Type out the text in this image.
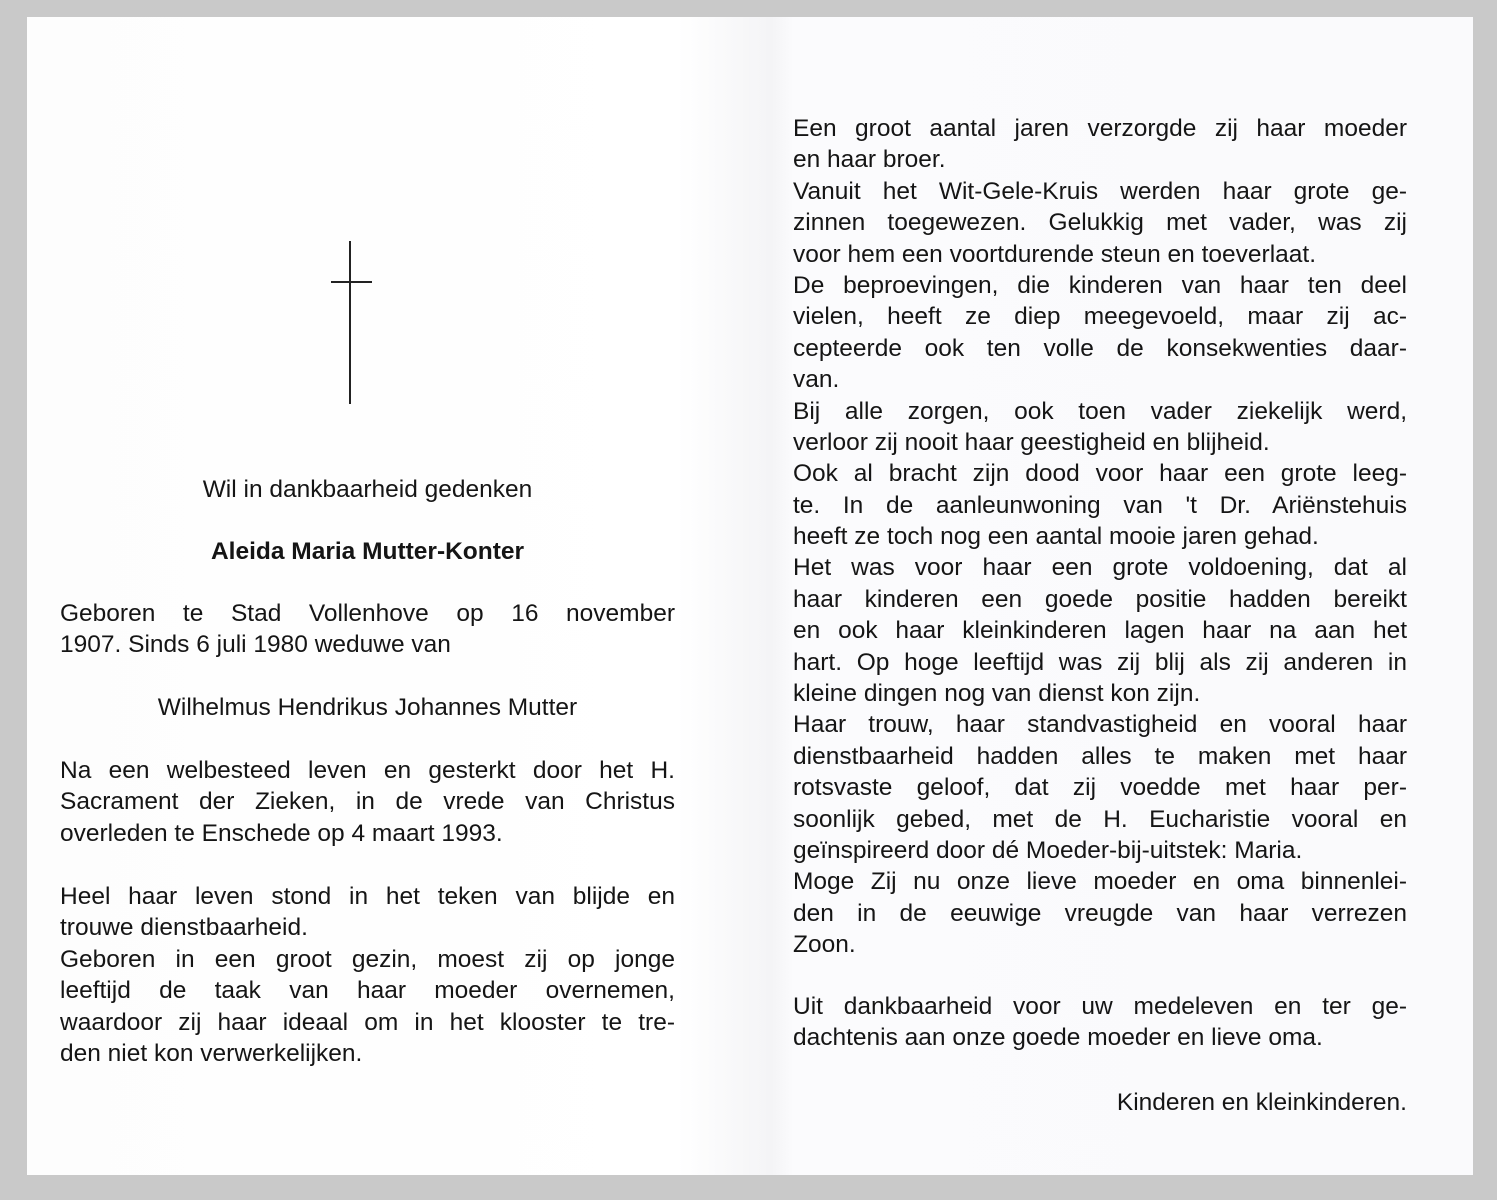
Wil in dankbaarheid gedenken
Aleida Maria Mutter-Konter
Geboren te Stad Vollenhove op 16 november
1907. Sinds 6 juli 1980 weduwe van
Wilhelmus Hendrikus Johannes Mutter
Na een welbesteed leven en gesterkt door het H.
Sacrament der Zieken, in de vrede van Christus
overleden te Enschede op 4 maart 1993.
Heel haar leven stond in het teken van blijde en
trouwe dienstbaarheid.
Geboren in een groot gezin, moest zij op jonge
leeftijd de taak van haar moeder overnemen,
waardoor zij haar ideaal om in het klooster te tre-
den niet kon verwerkelijken.
Een groot aantal jaren verzorgde zij haar moeder
en haar broer.
Vanuit het Wit-Gele-Kruis werden haar grote ge-
zinnen toegewezen. Gelukkig met vader, was zij
voor hem een voortdurende steun en toeverlaat.
De beproevingen, die kinderen van haar ten deel
vielen, heeft ze diep meegevoeld, maar zij ac-
cepteerde ook ten volle de konsekwenties daar-
van.
Bij alle zorgen, ook toen vader ziekelijk werd,
verloor zij nooit haar geestigheid en blijheid.
Ook al bracht zijn dood voor haar een grote leeg-
te. In de aanleunwoning van 't Dr. Ariënstehuis
heeft ze toch nog een aantal mooie jaren gehad.
Het was voor haar een grote voldoening, dat al
haar kinderen een goede positie hadden bereikt
en ook haar kleinkinderen lagen haar na aan het
hart. Op hoge leeftijd was zij blij als zij anderen in
kleine dingen nog van dienst kon zijn.
Haar trouw, haar standvastigheid en vooral haar
dienstbaarheid hadden alles te maken met haar
rotsvaste geloof, dat zij voedde met haar per-
soonlijk gebed, met de H. Eucharistie vooral en
geïnspireerd door dé Moeder-bij-uitstek: Maria.
Moge Zij nu onze lieve moeder en oma binnenlei-
den in de eeuwige vreugde van haar verrezen
Zoon.
Uit dankbaarheid voor uw medeleven en ter ge-
dachtenis aan onze goede moeder en lieve oma.
Kinderen en kleinkinderen.
